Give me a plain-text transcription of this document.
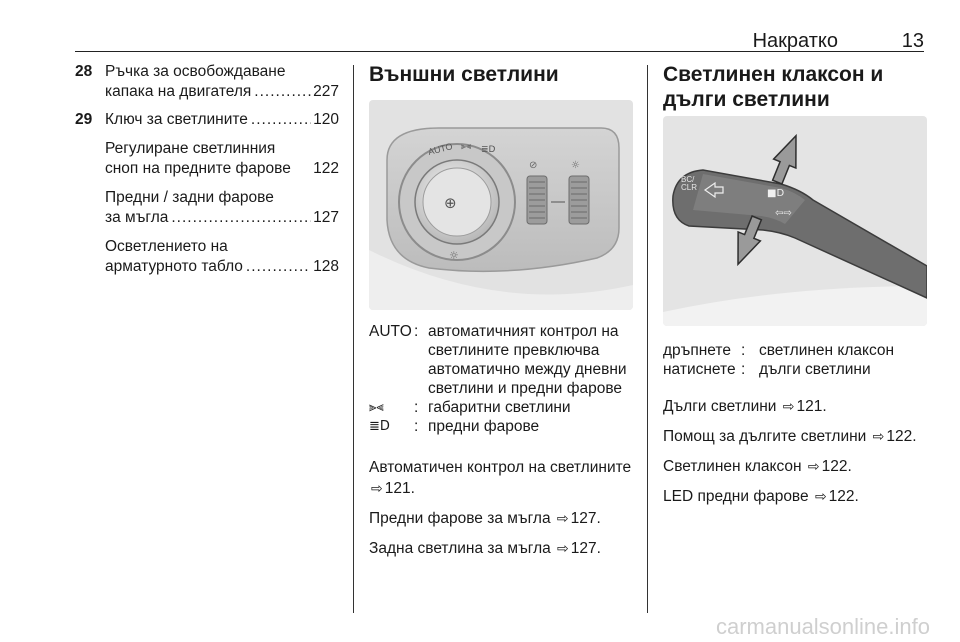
Накратко	13
28 Ръчка за освобождаване
капака на двигателя .....	227
29 Ключ за светлините .....	120
Регулиране светлинния
сноп на предните фарове 122
Предни / задни фарове
за мъгла .....	127
Осветлението на
арматурното табло .....	128
Външни светлини
AUTO ⫸⫷ ≣D
☼
⊕
⊘	☼
AUTO : автоматичният контрол на светлините превключва автоматично между дневни светлини и предни фарове
⫸⫷	: габаритни светлини
≣D	: предни фарове
Автоматичен контрол на светлините ⇨ 121.
Предни фарове за мъгла ⇨ 127.
Задна светлина за мъгла ⇨ 127.
Светлинен клаксон и дълги светлини
BC/
CLR
■D
⇦⇨
дръпнете : светлинен клаксон
натиснете : дълги светлини
Дълги светлини ⇨ 121.
Помощ за дългите светлини ⇨ 122.
Светлинен клаксон ⇨ 122.
LED предни фарове ⇨ 122.
carmanualsonline.info
